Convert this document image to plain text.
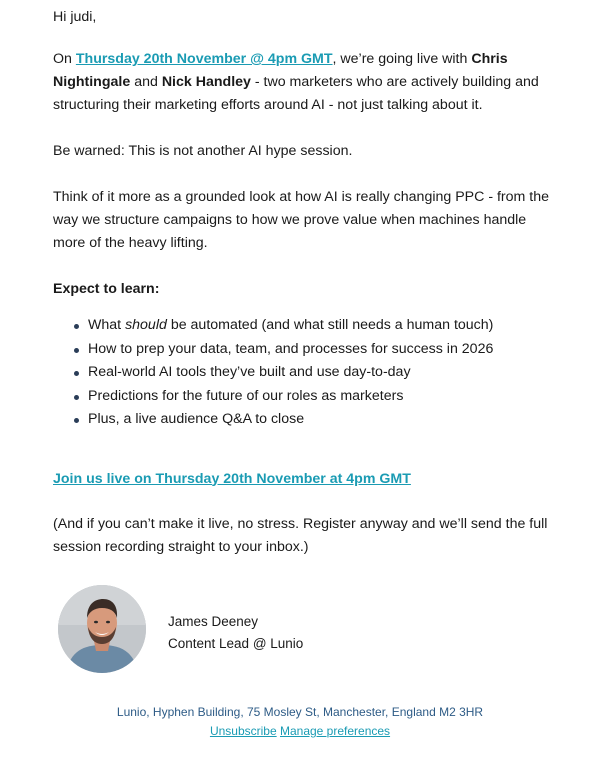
Hi judi,

On Thursday 20th November @ 4pm GMT, we’re going live with Chris Nightingale and Nick Handley - two marketers who are actively building and structuring their marketing efforts around AI - not just talking about it.

Be warned: This is not another AI hype session.

Think of it more as a grounded look at how AI is really changing PPC - from the way we structure campaigns to how we prove value when machines handle more of the heavy lifting.

Expect to learn:

What should be automated (and what still needs a human touch)
How to prep your data, team, and processes for success in 2026
Real-world AI tools they’ve built and use day-to-day
Predictions for the future of our roles as marketers
Plus, a live audience Q&A to close

Join us live on Thursday 20th November at 4pm GMT

(And if you can’t make it live, no stress. Register anyway and we’ll send the full session recording straight to your inbox.)

James Deeney
Content Lead @ Lunio
Lunio, Hyphen Building, 75 Mosley St, Manchester, England M2 3HR
Unsubscribe Manage preferences
